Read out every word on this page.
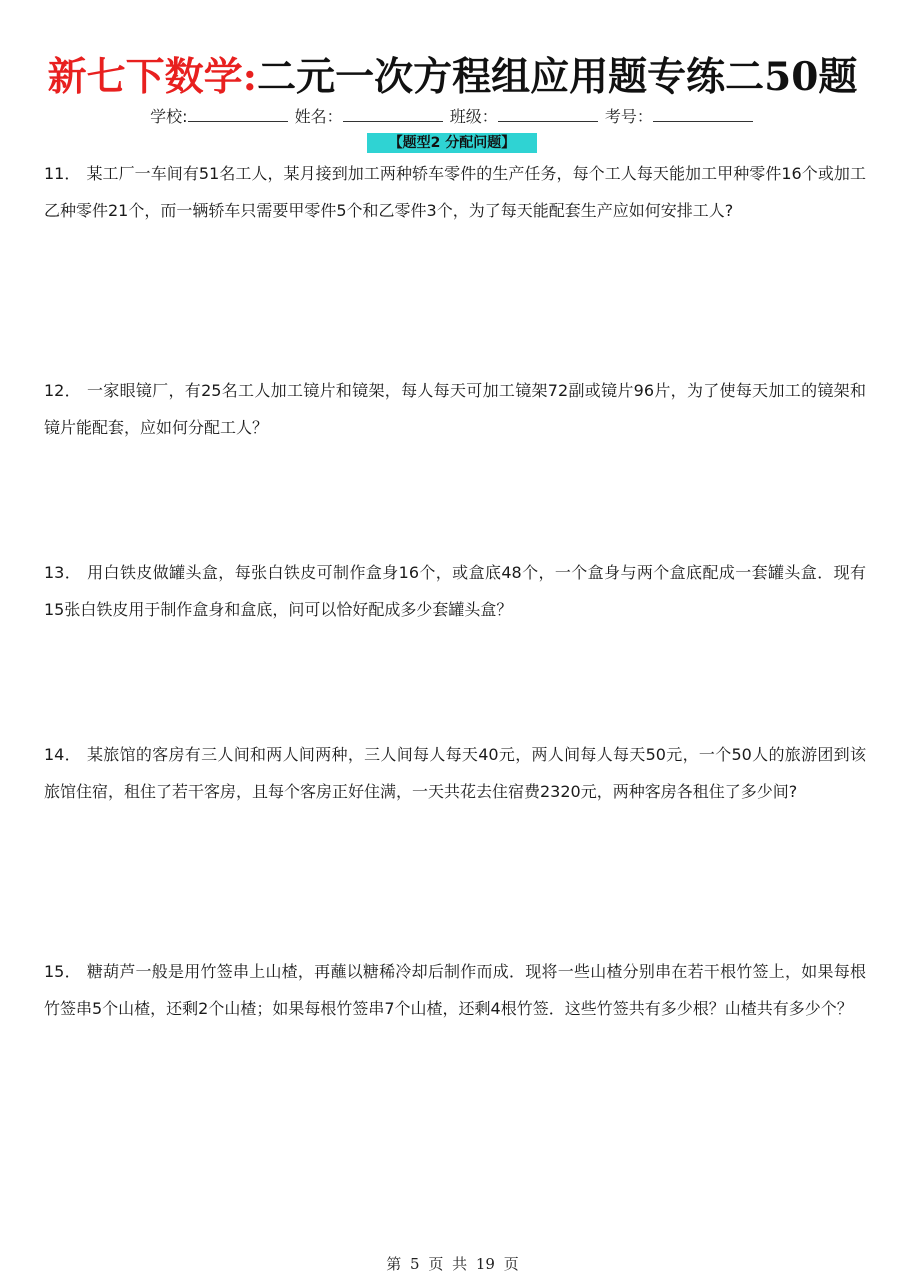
新七下数学:二元一次方程组应用题专练二50题
学校:	姓名：	班级：	考号：
【题型2 分配问题】
11． 某工厂一车间有51名工人，某月接到加工两种轿车零件的生产任务，每个工人每天能加工甲种零件16个或加工乙种零件21个，而一辆轿车只需要甲零件5个和乙零件3个，为了每天能配套生产应如何安排工人?
12． 一家眼镜厂，有25名工人加工镜片和镜架，每人每天可加工镜架72副或镜片96片，为了使每天加工的镜架和镜片能配套，应如何分配工人？
13． 用白铁皮做罐头盒，每张白铁皮可制作盒身16个，或盒底48个，一个盒身与两个盒底配成一套罐头盒．现有15张白铁皮用于制作盒身和盒底，问可以恰好配成多少套罐头盒？
14． 某旅馆的客房有三人间和两人间两种，三人间每人每天40元，两人间每人每天50元，一个50人的旅游团到该旅馆住宿，租住了若干客房，且每个客房正好住满，一天共花去住宿费2320元，两种客房各租住了多少间?
15． 糖葫芦一般是用竹签串上山楂，再蘸以糖稀冷却后制作而成．现将一些山楂分别串在若干根竹签上，如果每根竹签串5个山楂，还剩2个山楂；如果每根竹签串7个山楂，还剩4根竹签．这些竹签共有多少根？山楂共有多少个？
第 5 页 共 19 页
